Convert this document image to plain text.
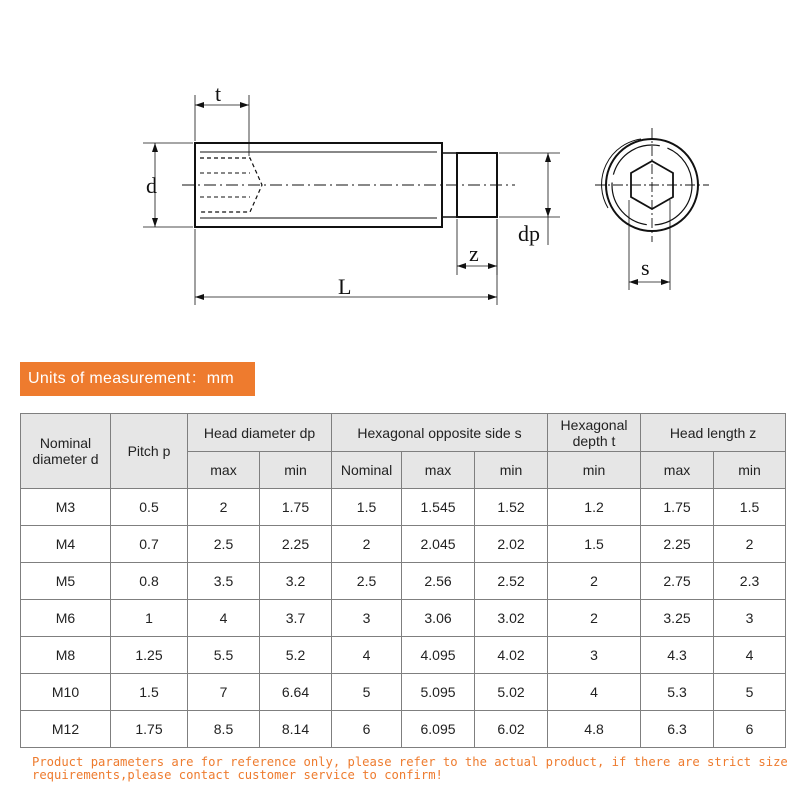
t
d
dp
z
L
s
Units of measurement：mm
Nominal diameter d	Pitch p	Head diameter dp		Hexagonal opposite side s			Hexagonal depth t	Head length z	
		max	min	Nominal	max	min	min	max	min
M3	0.5	2	1.75	1.5	1.545	1.52	1.2	1.75	1.5
M4	0.7	2.5	2.25	2	2.045	2.02	1.5	2.25	2
M5	0.8	3.5	3.2	2.5	2.56	2.52	2	2.75	2.3
M6	1	4	3.7	3	3.06	3.02	2	3.25	3
M8	1.25	5.5	5.2	4	4.095	4.02	3	4.3	4
M10	1.5	7	6.64	5	5.095	5.02	4	5.3	5
M12	1.75	8.5	8.14	6	6.095	6.02	4.8	6.3	6
Product parameters are for reference only, please refer to the actual product, if there are strict size requirements,please contact customer service to confirm!
